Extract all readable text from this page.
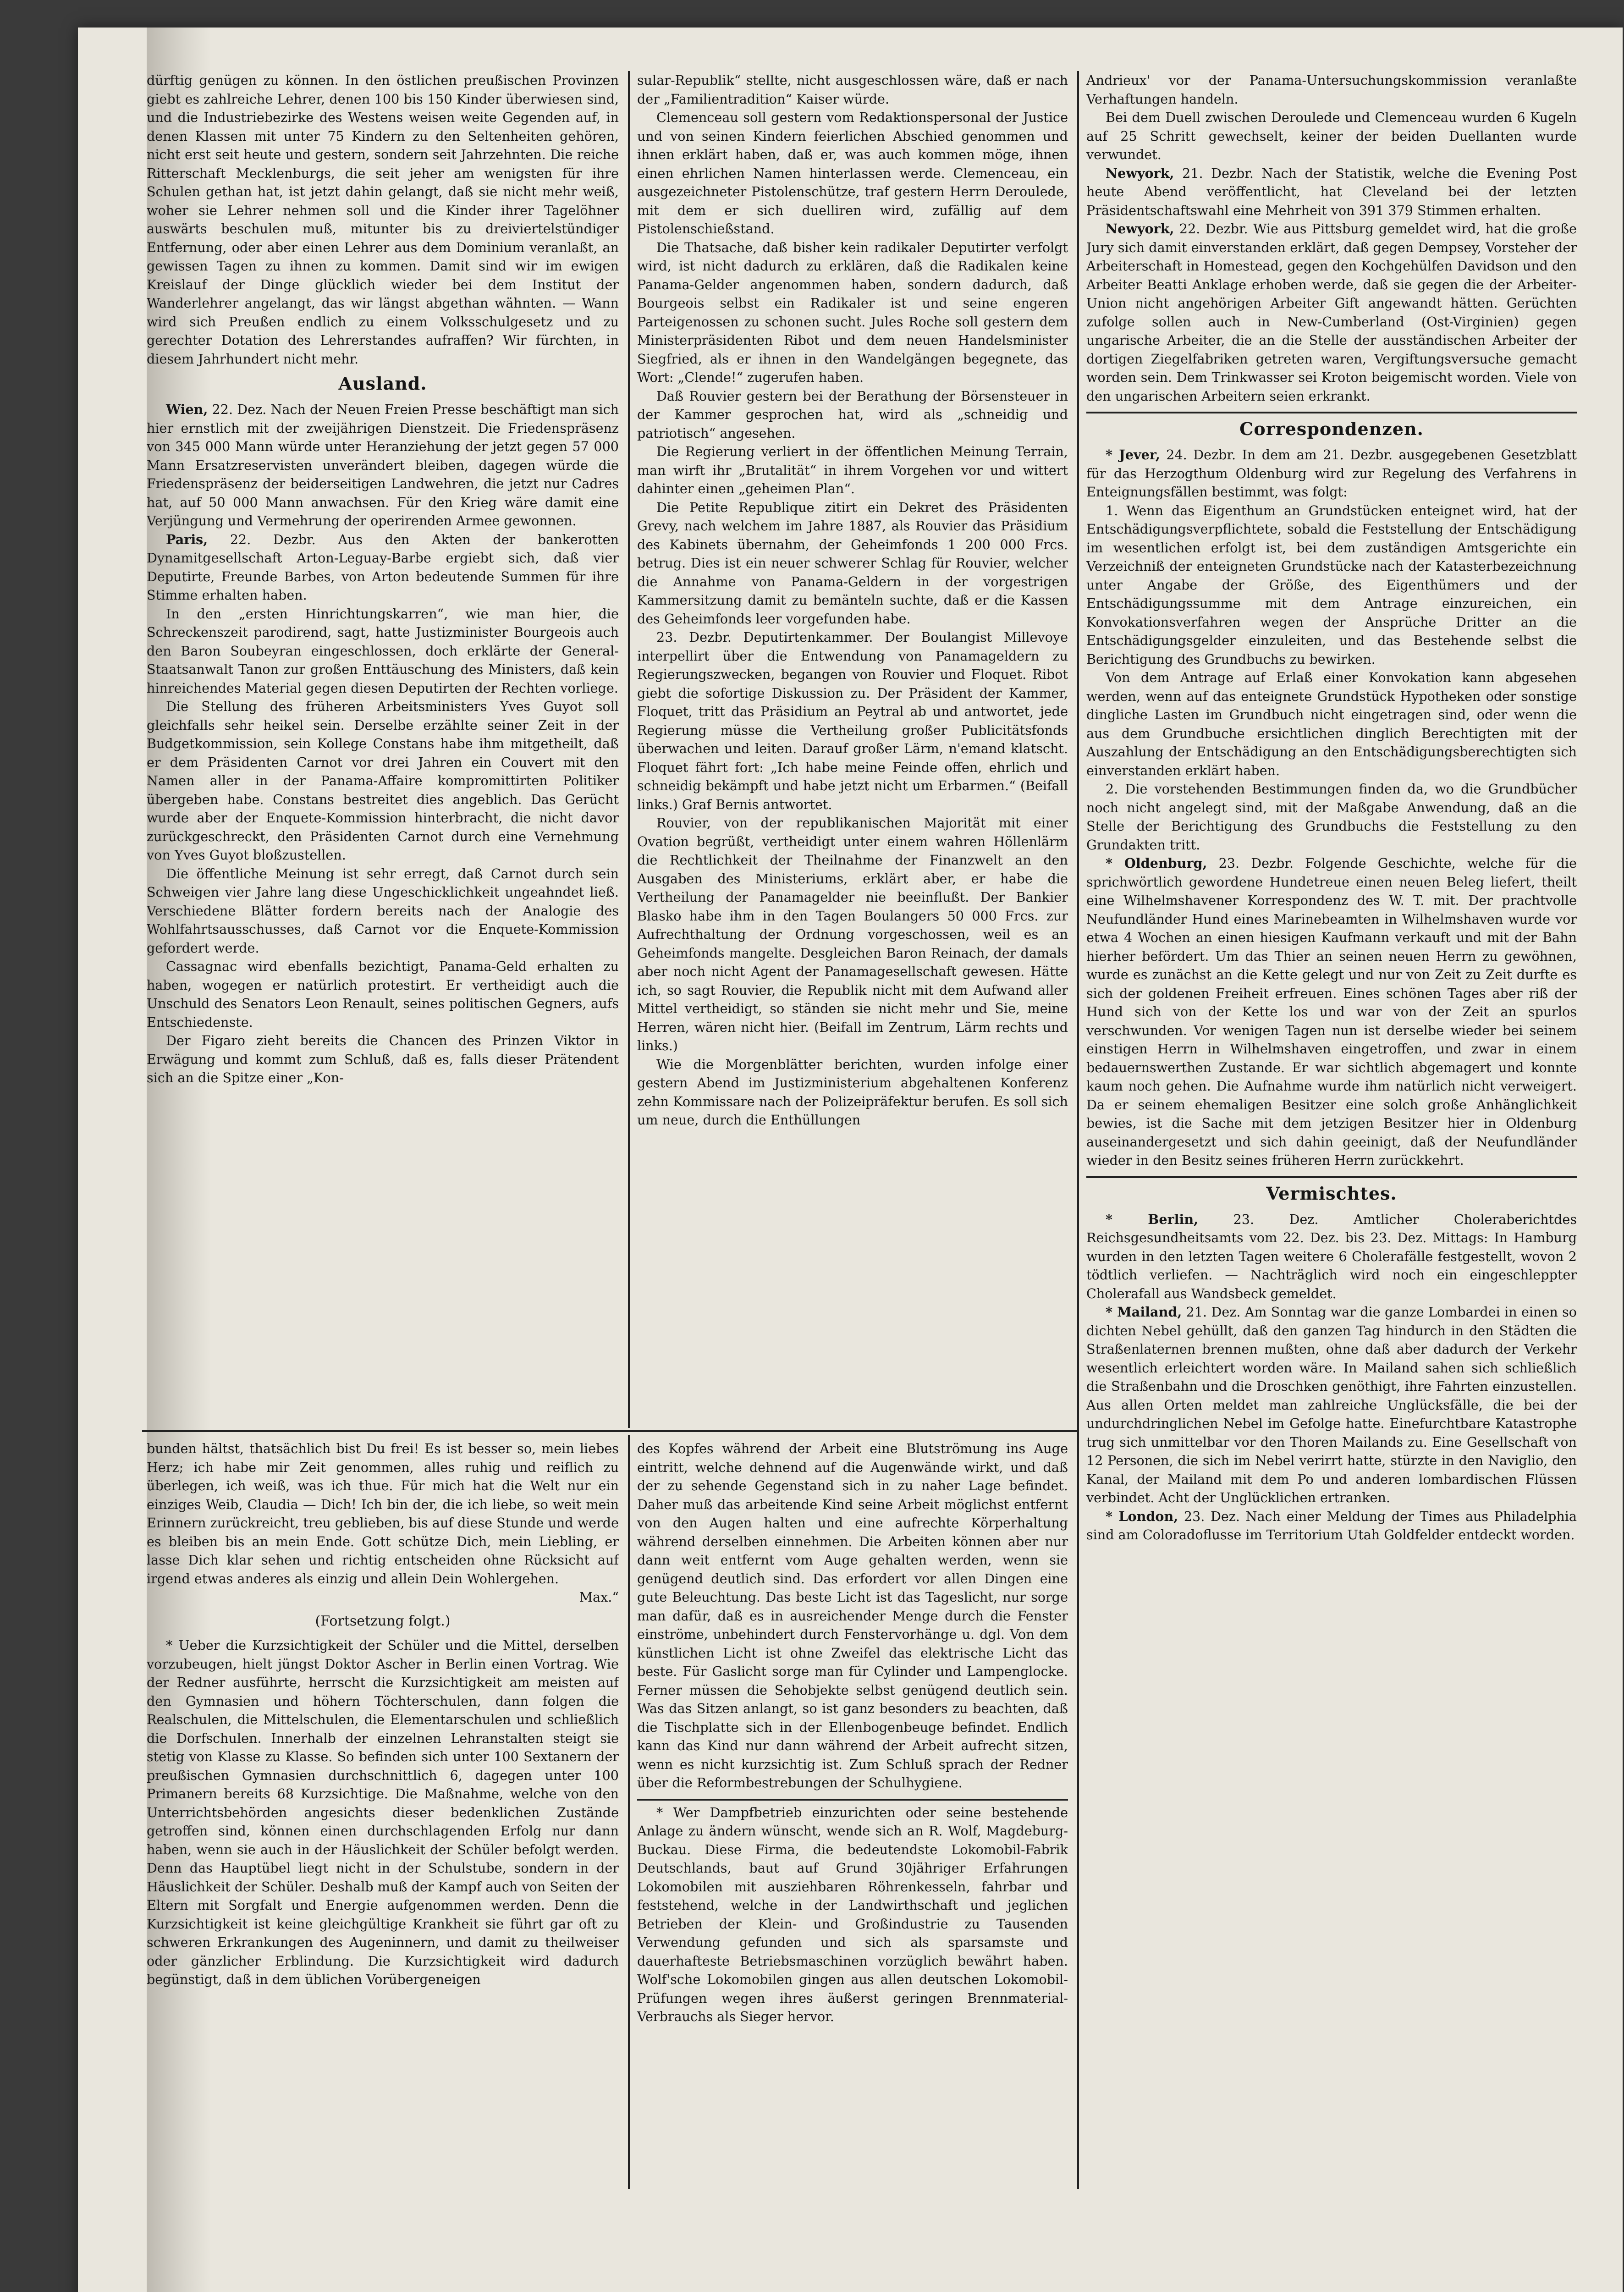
dürftig genügen zu können. In den östlichen preußischen Provinzen giebt es zahlreiche Lehrer, denen 100 bis 150 Kinder überwiesen sind, und die Industriebezirke des Westens weisen weite Gegenden auf, in denen Klassen mit unter 75 Kindern zu den Seltenheiten gehören, nicht erst seit heute und gestern, sondern seit Jahrzehnten. Die reiche Ritterschaft Mecklenburgs, die seit jeher am wenigsten für ihre Schulen gethan hat, ist jetzt dahin gelangt, daß sie nicht mehr weiß, woher sie Lehrer nehmen soll und die Kinder ihrer Tagelöhner auswärts beschulen muß, mitunter bis zu dreiviertelstündiger Entfernung, oder aber einen Lehrer aus dem Dominium veranlaßt, an gewissen Tagen zu ihnen zu kommen. Damit sind wir im ewigen Kreislauf der Dinge glücklich wieder bei dem Institut der Wanderlehrer angelangt, das wir längst abgethan wähnten. — Wann wird sich Preußen endlich zu einem Volksschulgesetz und zu gerechter Dotation des Lehrerstandes aufraffen? Wir fürchten, in diesem Jahrhundert nicht mehr.

Ausland.

Wien, 22. Dez. Nach der Neuen Freien Presse beschäftigt man sich hier ernstlich mit der zweijährigen Dienstzeit. Die Friedenspräsenz von 345 000 Mann würde unter Heranziehung der jetzt gegen 57 000 Mann Ersatzreservisten unverändert bleiben, dagegen würde die Friedenspräsenz der beiderseitigen Landwehren, die jetzt nur Cadres hat, auf 50 000 Mann anwachsen. Für den Krieg wäre damit eine Verjüngung und Vermehrung der operirenden Armee gewonnen.

Paris, 22. Dezbr. Aus den Akten der bankerotten Dynamitgesellschaft Arton-Leguay-Barbe ergiebt sich, daß vier Deputirte, Freunde Barbes, von Arton bedeutende Summen für ihre Stimme erhalten haben.

In den „ersten Hinrichtungskarren“, wie man hier, die Schreckenszeit parodirend, sagt, hatte Justizminister Bourgeois auch den Baron Soubeyran eingeschlossen, doch erklärte der General-Staatsanwalt Tanon zur großen Enttäuschung des Ministers, daß kein hinreichendes Material gegen diesen Deputirten der Rechten vorliege.

Die Stellung des früheren Arbeitsministers Yves Guyot soll gleichfalls sehr heikel sein. Derselbe erzählte seiner Zeit in der Budgetkommission, sein Kollege Constans habe ihm mitgetheilt, daß er dem Präsidenten Carnot vor drei Jahren ein Couvert mit den Namen aller in der Panama-Affaire kompromittirten Politiker übergeben habe. Constans bestreitet dies angeblich. Das Gerücht wurde aber der Enquete-Kommission hinterbracht, die nicht davor zurückgeschreckt, den Präsidenten Carnot durch eine Vernehmung von Yves Guyot bloßzustellen.

Die öffentliche Meinung ist sehr erregt, daß Carnot durch sein Schweigen vier Jahre lang diese Ungeschicklichkeit ungeahndet ließ. Verschiedene Blätter fordern bereits nach der Analogie des Wohlfahrtsausschusses, daß Carnot vor die Enquete-Kommission gefordert werde.

Cassagnac wird ebenfalls bezichtigt, Panama-Geld erhalten zu haben, wogegen er natürlich protestirt. Er vertheidigt auch die Unschuld des Senators Leon Renault, seines politischen Gegners, aufs Entschiedenste.

Der Figaro zieht bereits die Chancen des Prinzen Viktor in Erwägung und kommt zum Schluß, daß es, falls dieser Prätendent sich an die Spitze einer „Kon-

sular-Republik“ stellte, nicht ausgeschlossen wäre, daß er nach der „Familientradition“ Kaiser würde.

Clemenceau soll gestern vom Redaktionspersonal der Justice und von seinen Kindern feierlichen Abschied genommen und ihnen erklärt haben, daß er, was auch kommen möge, ihnen einen ehrlichen Namen hinterlassen werde. Clemenceau, ein ausgezeichneter Pistolenschütze, traf gestern Herrn Deroulede, mit dem er sich duelliren wird, zufällig auf dem Pistolenschießstand.

Die Thatsache, daß bisher kein radikaler Deputirter verfolgt wird, ist nicht dadurch zu erklären, daß die Radikalen keine Panama-Gelder angenommen haben, sondern dadurch, daß Bourgeois selbst ein Radikaler ist und seine engeren Parteigenossen zu schonen sucht. Jules Roche soll gestern dem Ministerpräsidenten Ribot und dem neuen Handelsminister Siegfried, als er ihnen in den Wandelgängen begegnete, das Wort: „Clende!“ zugerufen haben.

Daß Rouvier gestern bei der Berathung der Börsensteuer in der Kammer gesprochen hat, wird als „schneidig und patriotisch“ angesehen.

Die Regierung verliert in der öffentlichen Meinung Terrain, man wirft ihr „Brutalität“ in ihrem Vorgehen vor und wittert dahinter einen „geheimen Plan“.

Die Petite Republique zitirt ein Dekret des Präsidenten Grevy, nach welchem im Jahre 1887, als Rouvier das Präsidium des Kabinets übernahm, der Geheimfonds 1 200 000 Frcs. betrug. Dies ist ein neuer schwerer Schlag für Rouvier, welcher die Annahme von Panama-Geldern in der vorgestrigen Kammersitzung damit zu bemänteln suchte, daß er die Kassen des Geheimfonds leer vorgefunden habe.

23. Dezbr. Deputirtenkammer. Der Boulangist Millevoye interpellirt über die Entwendung von Panamageldern zu Regierungszwecken, begangen von Rouvier und Floquet. Ribot giebt die sofortige Diskussion zu. Der Präsident der Kammer, Floquet, tritt das Präsidium an Peytral ab und antwortet, jede Regierung müsse die Vertheilung großer Publicitätsfonds überwachen und leiten. Darauf großer Lärm, n'emand klatscht. Floquet fährt fort: „Ich habe meine Feinde offen, ehrlich und schneidig bekämpft und habe jetzt nicht um Erbarmen.“ (Beifall links.) Graf Bernis antwortet.

Rouvier, von der republikanischen Majorität mit einer Ovation begrüßt, vertheidigt unter einem wahren Höllenlärm die Rechtlichkeit der Theilnahme der Finanzwelt an den Ausgaben des Ministeriums, erklärt aber, er habe die Vertheilung der Panamagelder nie beeinflußt. Der Bankier Blasko habe ihm in den Tagen Boulangers 50 000 Frcs. zur Aufrechthaltung der Ordnung vorgeschossen, weil es an Geheimfonds mangelte. Desgleichen Baron Reinach, der damals aber noch nicht Agent der Panamagesellschaft gewesen. Hätte ich, so sagt Rouvier, die Republik nicht mit dem Aufwand aller Mittel vertheidigt, so ständen sie nicht mehr und Sie, meine Herren, wären nicht hier. (Beifall im Zentrum, Lärm rechts und links.)

Wie die Morgenblätter berichten, wurden infolge einer gestern Abend im Justizministerium abgehaltenen Konferenz zehn Kommissare nach der Polizeipräfektur berufen. Es soll sich um neue, durch die Enthüllungen

Andrieux' vor der Panama-Untersuchungskommission veranlaßte Verhaftungen handeln.

Bei dem Duell zwischen Deroulede und Clemenceau wurden 6 Kugeln auf 25 Schritt gewechselt, keiner der beiden Duellanten wurde verwundet.

Newyork, 21. Dezbr. Nach der Statistik, welche die Evening Post heute Abend veröffentlicht, hat Cleveland bei der letzten Präsidentschaftswahl eine Mehrheit von 391 379 Stimmen erhalten.

Newyork, 22. Dezbr. Wie aus Pittsburg gemeldet wird, hat die große Jury sich damit einverstanden erklärt, daß gegen Dempsey, Vorsteher der Arbeiterschaft in Homestead, gegen den Kochgehülfen Davidson und den Arbeiter Beatti Anklage erhoben werde, daß sie gegen die der Arbeiter-Union nicht angehörigen Arbeiter Gift angewandt hätten. Gerüchten zufolge sollen auch in New-Cumberland (Ost-Virginien) gegen ungarische Arbeiter, die an die Stelle der ausständischen Arbeiter der dortigen Ziegelfabriken getreten waren, Vergiftungsversuche gemacht worden sein. Dem Trinkwasser sei Kroton beigemischt worden. Viele von den ungarischen Arbeitern seien erkrankt.

Correspondenzen.

* Jever, 24. Dezbr. In dem am 21. Dezbr. ausgegebenen Gesetzblatt für das Herzogthum Oldenburg wird zur Regelung des Verfahrens in Enteignungsfällen bestimmt, was folgt:

1. Wenn das Eigenthum an Grundstücken enteignet wird, hat der Entschädigungsverpflichtete, sobald die Feststellung der Entschädigung im wesentlichen erfolgt ist, bei dem zuständigen Amtsgerichte ein Verzeichniß der enteigneten Grundstücke nach der Katasterbezeichnung unter Angabe der Größe, des Eigenthümers und der Entschädigungssumme mit dem Antrage einzureichen, ein Konvokationsverfahren wegen der Ansprüche Dritter an die Entschädigungsgelder einzuleiten, und das Bestehende selbst die Berichtigung des Grundbuchs zu bewirken.

Von dem Antrage auf Erlaß einer Konvokation kann abgesehen werden, wenn auf das enteignete Grundstück Hypotheken oder sonstige dingliche Lasten im Grundbuch nicht eingetragen sind, oder wenn die aus dem Grundbuche ersichtlichen dinglich Berechtigten mit der Auszahlung der Entschädigung an den Entschädigungsberechtigten sich einverstanden erklärt haben.

2. Die vorstehenden Bestimmungen finden da, wo die Grundbücher noch nicht angelegt sind, mit der Maßgabe Anwendung, daß an die Stelle der Berichtigung des Grundbuchs die Feststellung zu den Grundakten tritt.

* Oldenburg, 23. Dezbr. Folgende Geschichte, welche für die sprichwörtlich gewordene Hundetreue einen neuen Beleg liefert, theilt eine Wilhelmshavener Korrespondenz des W. T. mit. Der prachtvolle Neufundländer Hund eines Marinebeamten in Wilhelmshaven wurde vor etwa 4 Wochen an einen hiesigen Kaufmann verkauft und mit der Bahn hierher befördert. Um das Thier an seinen neuen Herrn zu gewöhnen, wurde es zunächst an die Kette gelegt und nur von Zeit zu Zeit durfte es sich der goldenen Freiheit erfreuen. Eines schönen Tages aber riß der Hund sich von der Kette los und war von der Zeit an spurlos verschwunden. Vor wenigen Tagen nun ist derselbe wieder bei seinem einstigen Herrn in Wilhelmshaven eingetroffen, und zwar in einem bedauernswerthen Zustande. Er war sichtlich abgemagert und konnte kaum noch gehen. Die Aufnahme wurde ihm natürlich nicht verweigert. Da er seinem ehemaligen Besitzer eine solch große Anhänglichkeit bewies, ist die Sache mit dem jetzigen Besitzer hier in Oldenburg auseinandergesetzt und sich dahin geeinigt, daß der Neufundländer wieder in den Besitz seines früheren Herrn zurückkehrt.

Vermischtes.

* Berlin,	23. Dez. Amtlicher Choleraberichtdes Reichsgesundheitsamts vom 22. Dez. bis 23. Dez. Mittags: In Hamburg wurden in den letzten Tagen weitere 6 Cholerafälle festgestellt, wovon 2 tödtlich verliefen. — Nachträglich wird noch ein eingeschleppter Cholerafall aus Wandsbeck gemeldet.

* Mailand, 21. Dez. Am Sonntag war die ganze Lombardei in einen so dichten Nebel gehüllt, daß den ganzen Tag hindurch in den Städten die Straßenlaternen brennen mußten, ohne daß aber dadurch der Verkehr wesentlich erleichtert worden wäre. In Mailand sahen sich schließlich die Straßenbahn und die Droschken genöthigt, ihre Fahrten einzustellen. Aus allen Orten meldet man zahlreiche Unglücksfälle, die bei der undurchdringlichen Nebel im Gefolge hatte. Einefurchtbare Katastrophe trug sich unmittelbar vor den Thoren Mailands zu. Eine Gesellschaft von 12 Personen, die sich im Nebel verirrt hatte, stürzte in den Naviglio, den Kanal, der Mailand mit dem Po und anderen lombardischen Flüssen verbindet. Acht der Unglücklichen ertranken.

* London, 23. Dez. Nach einer Meldung der Times aus Philadelphia sind am Coloradoflusse im Territorium Utah Goldfelder entdeckt worden.

bunden hältst, thatsächlich bist Du frei! Es ist besser so, mein liebes Herz; ich habe mir Zeit genommen, alles ruhig und reiflich zu überlegen, ich weiß, was ich thue. Für mich hat die Welt nur ein einziges Weib, Claudia — Dich! Ich bin der, die ich liebe, so weit mein Erinnern zurückreicht, treu geblieben, bis auf diese Stunde und werde es bleiben bis an mein Ende. Gott schütze Dich, mein Liebling, er lasse Dich klar sehen und richtig entscheiden ohne Rücksicht auf irgend etwas anderes als einzig und allein Dein Wohlergehen.

Max.“
(Fortsetzung folgt.)

* Ueber die Kurzsichtigkeit der Schüler und die Mittel, derselben vorzubeugen, hielt jüngst Doktor Ascher in Berlin einen Vortrag. Wie der Redner ausführte, herrscht die Kurzsichtigkeit am meisten auf den Gymnasien und höhern Töchterschulen, dann folgen die Realschulen, die Mittelschulen, die Elementarschulen und schließlich die Dorfschulen. Innerhalb der einzelnen Lehranstalten steigt sie stetig von Klasse zu Klasse. So befinden sich unter 100 Sextanern der preußischen Gymnasien durchschnittlich 6, dagegen unter 100 Primanern bereits 68 Kurzsichtige. Die Maßnahme, welche von den Unterrichtsbehörden angesichts dieser bedenklichen Zustände getroffen sind, können einen durchschlagenden Erfolg nur dann haben, wenn sie auch in der Häuslichkeit der Schüler befolgt werden. Denn das Hauptübel liegt nicht in der Schulstube, sondern in der Häuslichkeit der Schüler. Deshalb muß der Kampf auch von Seiten der Eltern mit Sorgfalt und Energie aufgenommen werden. Denn die Kurzsichtigkeit ist keine gleichgültige Krankheit sie führt gar oft zu schweren Erkrankungen des Augeninnern, und damit zu theilweiser oder gänzlicher Erblindung. Die Kurzsichtigkeit wird dadurch begünstigt, daß in dem üblichen Vorübergeneigen

des Kopfes während der Arbeit eine Blutströmung ins Auge eintritt, welche dehnend auf die Augenwände wirkt, und daß der zu sehende Gegenstand sich in zu naher Lage befindet. Daher muß das arbeitende Kind seine Arbeit möglichst entfernt von den Augen halten und eine aufrechte Körperhaltung während derselben einnehmen. Die Arbeiten können aber nur dann weit entfernt vom Auge gehalten werden, wenn sie genügend deutlich sind. Das erfordert vor allen Dingen eine gute Beleuchtung. Das beste Licht ist das Tageslicht, nur sorge man dafür, daß es in ausreichender Menge durch die Fenster einströme, unbehindert durch Fenstervorhänge u. dgl. Von dem künstlichen Licht ist ohne Zweifel das elektrische Licht das beste. Für Gaslicht sorge man für Cylinder und Lampenglocke. Ferner müssen die Sehobjekte selbst genügend deutlich sein. Was das Sitzen anlangt, so ist ganz besonders zu beachten, daß die Tischplatte sich in der Ellenbogenbeuge befindet. Endlich kann das Kind nur dann während der Arbeit aufrecht sitzen, wenn es nicht kurzsichtig ist. Zum Schluß sprach der Redner über die Reformbestrebungen der Schulhygiene.

* Wer Dampfbetrieb einzurichten oder seine bestehende Anlage zu ändern wünscht, wende sich an R. Wolf, Magdeburg-Buckau. Diese Firma, die bedeutendste Lokomobil-Fabrik Deutschlands, baut auf Grund 30jähriger Erfahrungen Lokomobilen mit ausziehbaren Röhrenkesseln, fahrbar und feststehend, welche in der Landwirthschaft und jeglichen Betrieben der Klein- und Großindustrie zu Tausenden Verwendung gefunden und sich als sparsamste und dauerhafteste Betriebsmaschinen vorzüglich bewährt haben. Wolf'sche Lokomobilen gingen aus allen deutschen Lokomobil-Prüfungen wegen ihres äußerst geringen Brennmaterial-Verbrauchs als Sieger hervor.
